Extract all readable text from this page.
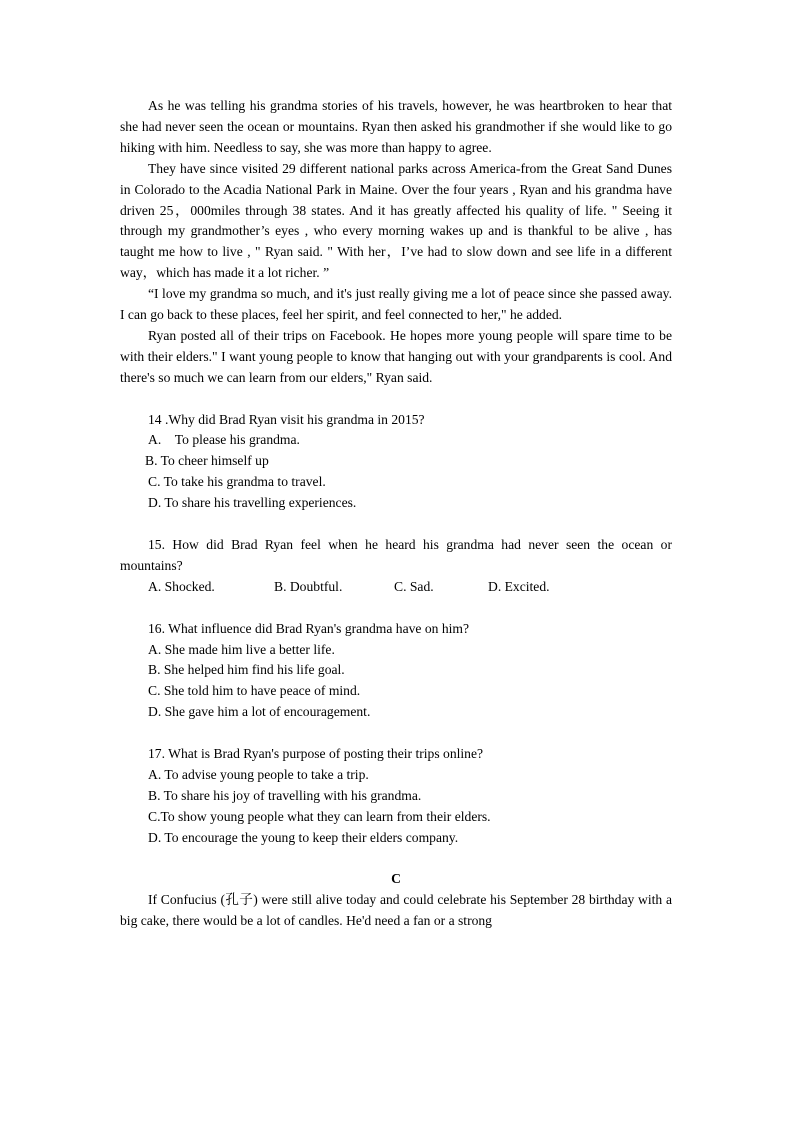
As he was telling his grandma stories of his travels, however, he was heartbroken to hear that she had never seen the ocean or mountains. Ryan then asked his grandmother if she would like to go hiking with him. Needless to say, she was more than happy to agree.

They have since visited 29 different national parks across America-from the Great Sand Dunes in Colorado to the Acadia National Park in Maine. Over the four years , Ryan and his grandma have driven 25，000miles through 38 states. And it has greatly affected his quality of life. " Seeing it through my grandmother’s eyes , who every morning wakes up and is thankful to be alive , has taught me how to live , " Ryan said. " With her，I’ve had to slow down and see life in a different way，which has made it a lot richer. ”

“I love my grandma so much, and it's just really giving me a lot of peace since she passed away. I can go back to these places, feel her spirit, and feel connected to her," he added.

Ryan posted all of their trips on Facebook. He hopes more young people will spare time to be with their elders." I want young people to know that hanging out with your grandparents is cool. And there's so much we can learn from our elders," Ryan said.

14 .Why did Brad Ryan visit his grandma in 2015?

A.　To please his grandma.

B. To cheer himself up

C. To take his grandma to travel.

D. To share his travelling experiences.

15. How did Brad Ryan feel when he heard his grandma had never seen the ocean or mountains?

A. Shocked.	B. Doubtful.	C. Sad.	D. Excited.

16. What influence did Brad Ryan's grandma have on him?

A. She made him live a better life.

B. She helped him find his life goal.

C. She told him to have peace of mind.

D. She gave him a lot of encouragement.

17. What is Brad Ryan's purpose of posting their trips online?

A. To advise young people to take a trip.

B. To share his joy of travelling with his grandma.

C.To show young people what they can learn from their elders.

D. To encourage the young to keep their elders company.

C

If Confucius (孔子) were still alive today and could celebrate his September 28 birthday with a big cake, there would be a lot of candles. He'd need a fan or a strong
